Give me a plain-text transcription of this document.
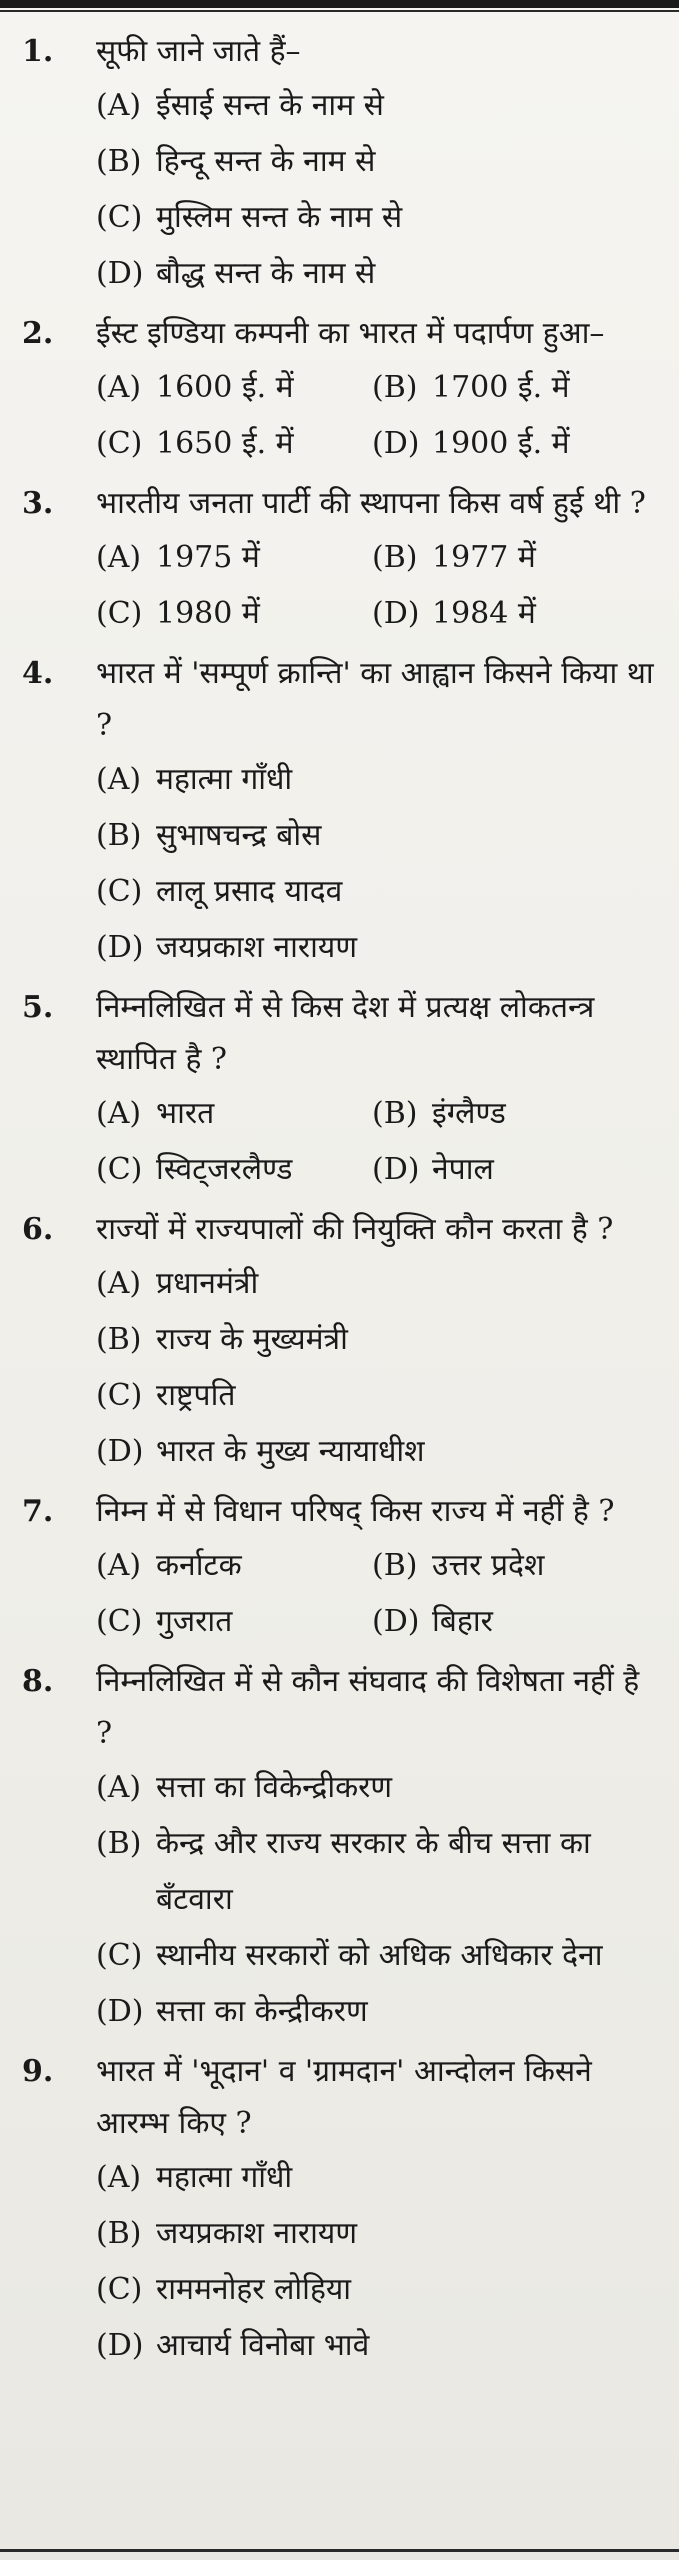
1.	सूफी जाने जाते हैं–
(A) ईसाई सन्त के नाम से
(B) हिन्दू सन्त के नाम से
(C) मुस्लिम सन्त के नाम से
(D) बौद्ध सन्त के नाम से
2.	ईस्ट इण्डिया कम्पनी का भारत में पदार्पण हुआ–
(A) 1600 ई. में	(B) 1700 ई. में
(C) 1650 ई. में	(D) 1900 ई. में
3.	भारतीय जनता पार्टी की स्थापना किस वर्ष हुई थी ?
(A) 1975 में	(B) 1977 में
(C) 1980 में	(D) 1984 में
4.	भारत में 'सम्पूर्ण क्रान्ति' का आह्वान किसने किया था ?
(A) महात्मा गाँधी
(B) सुभाषचन्द्र बोस
(C) लालू प्रसाद यादव
(D) जयप्रकाश नारायण
5.	निम्नलिखित में से किस देश में प्रत्यक्ष लोकतन्त्र स्थापित है ?
(A) भारत	(B) इंग्लैण्ड
(C) स्विट्जरलैण्ड	(D) नेपाल
6.	राज्यों में राज्यपालों की नियुक्ति कौन करता है ?
(A) प्रधानमंत्री
(B) राज्य के मुख्यमंत्री
(C) राष्ट्रपति
(D) भारत के मुख्य न्यायाधीश
7.	निम्न में से विधान परिषद् किस राज्य में नहीं है ?
(A) कर्नाटक	(B) उत्तर प्रदेश
(C) गुजरात	(D) बिहार
8.	निम्नलिखित में से कौन संघवाद की विशेषता नहीं है ?
(A) सत्ता का विकेन्द्रीकरण
(B) केन्द्र और राज्य सरकार के बीच सत्ता का बँटवारा
(C) स्थानीय सरकारों को अधिक अधिकार देना
(D) सत्ता का केन्द्रीकरण
9.	भारत में 'भूदान' व 'ग्रामदान' आन्दोलन किसने आरम्भ किए ?
(A) महात्मा गाँधी
(B) जयप्रकाश नारायण
(C) राममनोहर लोहिया
(D) आचार्य विनोबा भावे
